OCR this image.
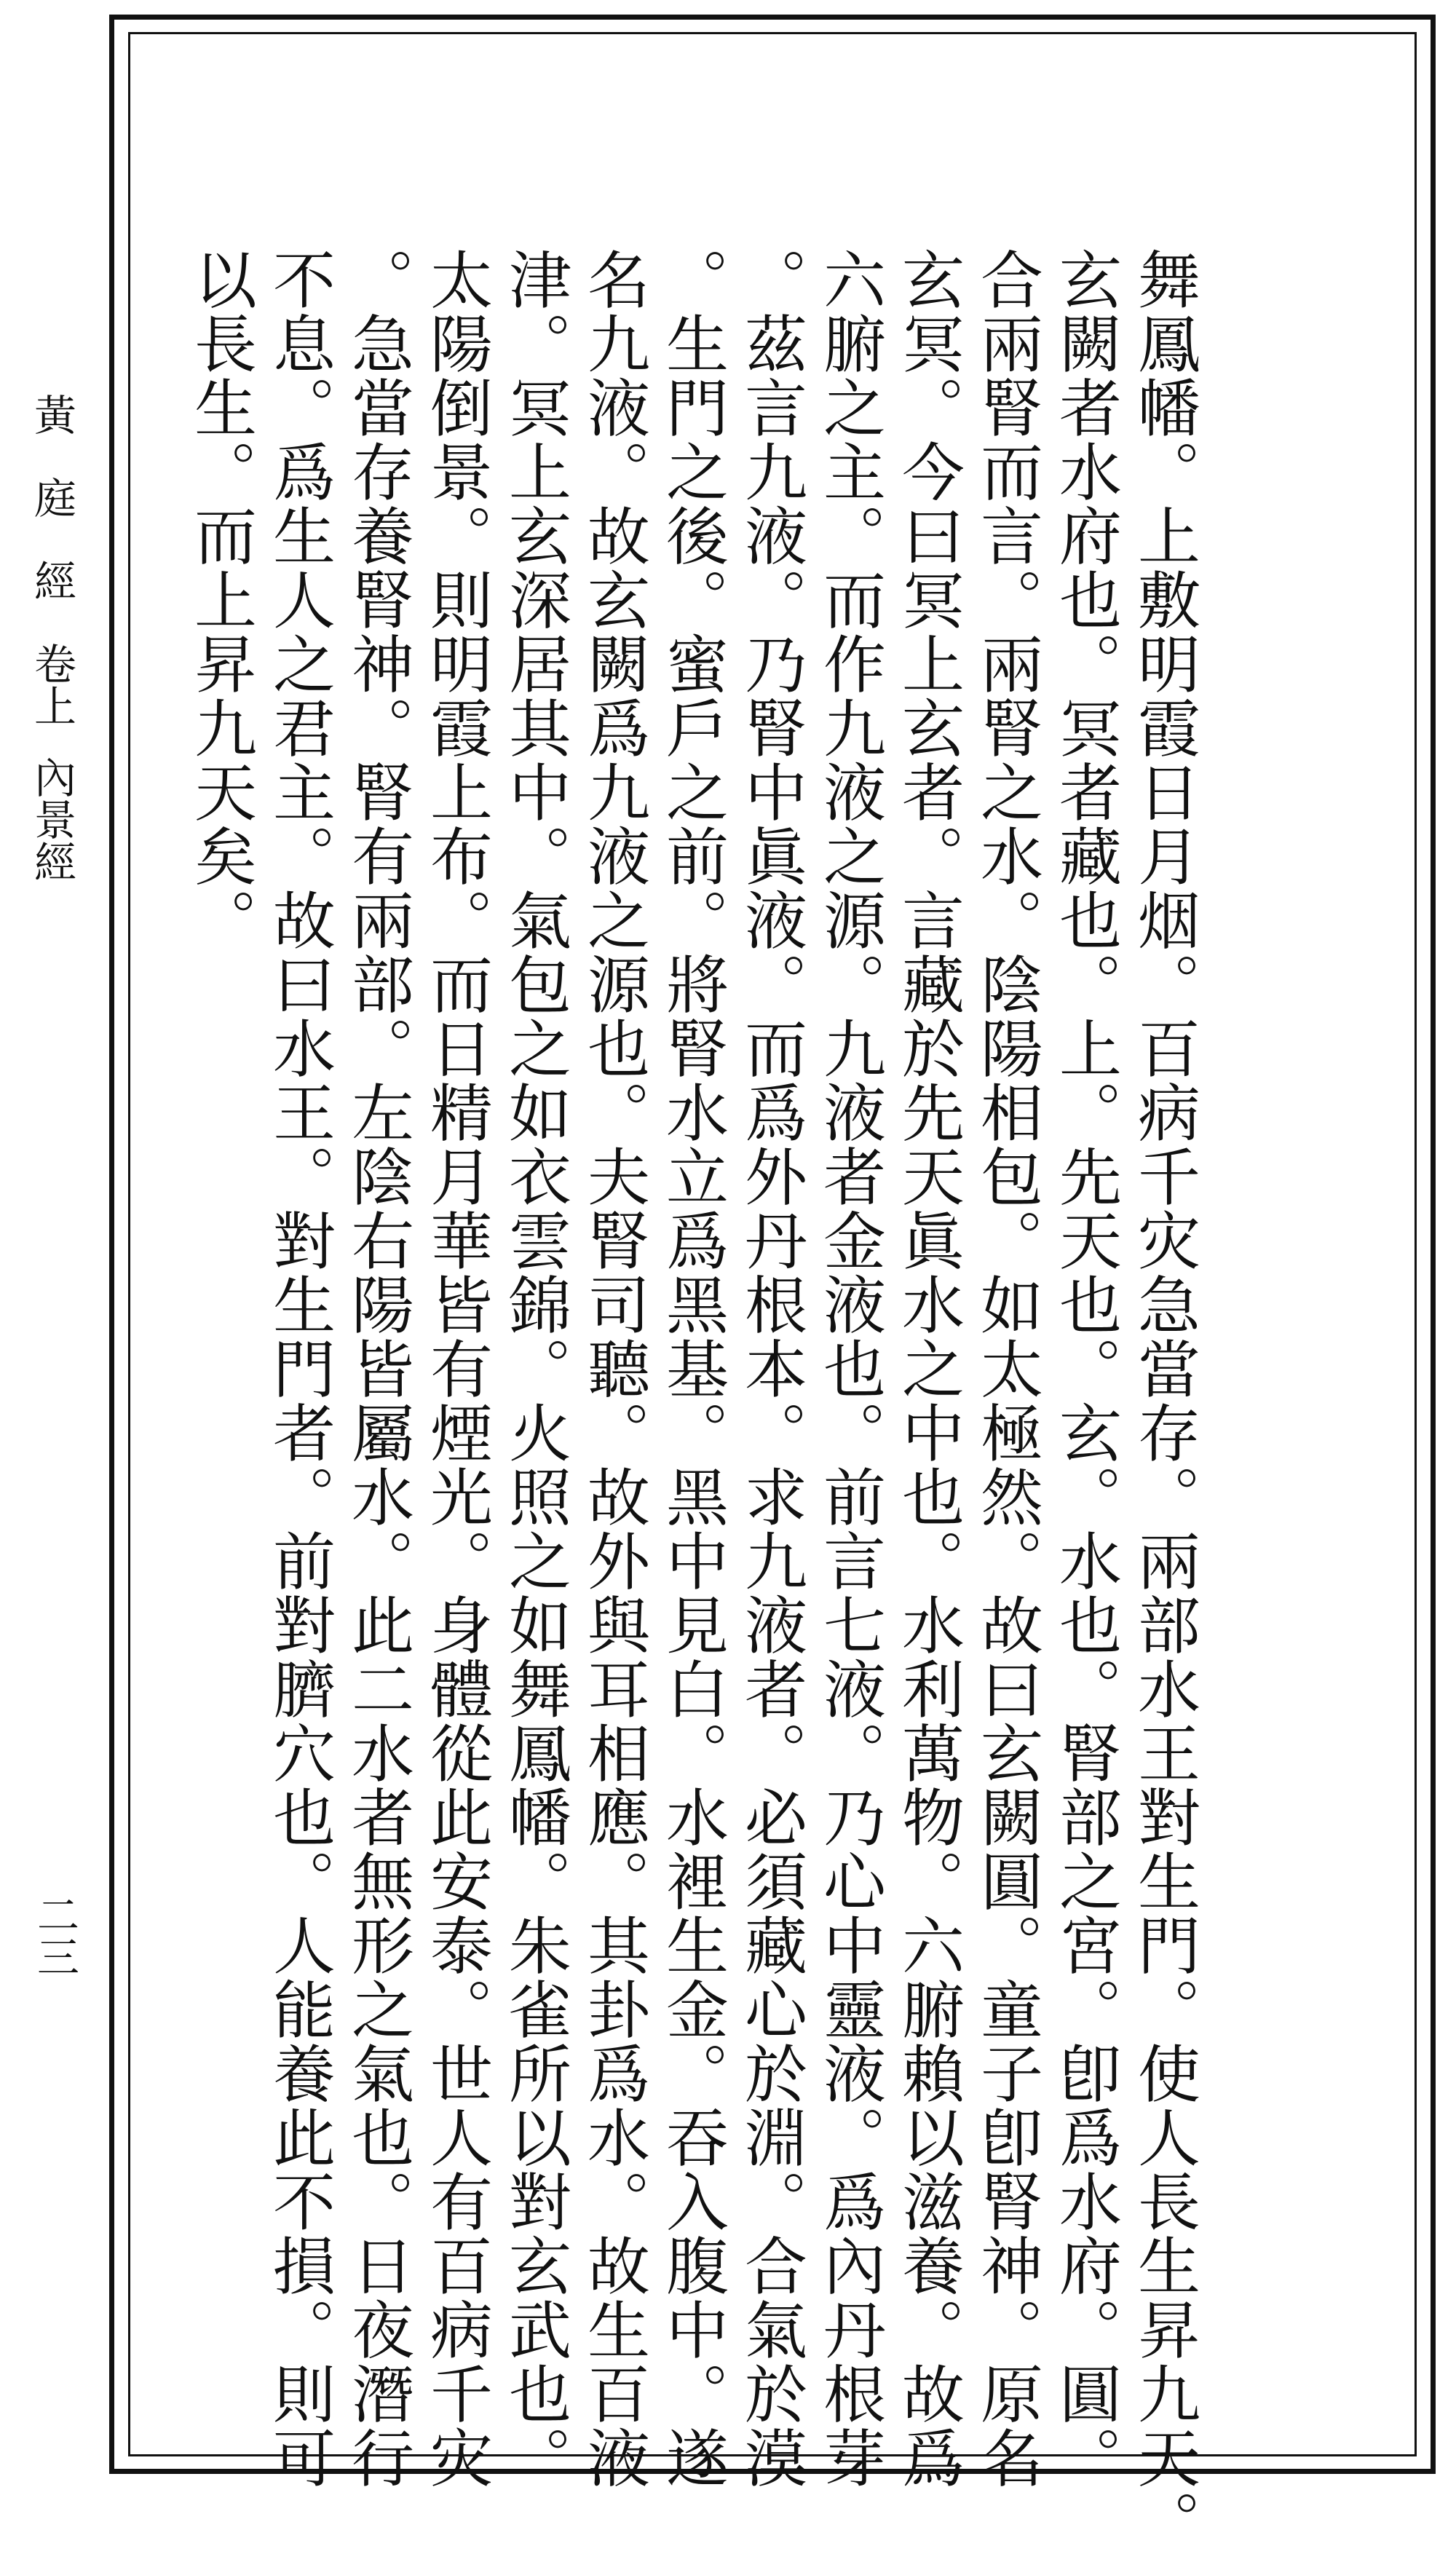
黃庭經卷上內景經
二三	舞鳳幡。上敷明霞日月烟。百病千灾急當存。兩部水王對生門。使人長生昇九天。
玄闕者水府也。冥者藏也。上。先天也。玄。水也。腎部之宮。卽爲水府。圓。
合兩腎而言。兩腎之水。陰陽相包。如太極然。故曰玄闕圓。童子卽腎神。原名
玄冥。今曰冥上玄者。言藏於先天眞水之中也。水利萬物。六腑賴以滋養。故爲
六腑之主。而作九液之源。九液者金液也。前言七液。乃心中靈液。爲內丹根芽
。茲言九液。乃腎中眞液。而爲外丹根本。求九液者。必須藏心於淵。合氣於漠
。生門之後。蜜戶之前。將腎水立爲黑基。黑中見白。水裡生金。吞入腹中。遂
名九液。故玄闕爲九液之源也。夫腎司聽。故外與耳相應。其卦爲水。故生百液
津。冥上玄深居其中。氣包之如衣雲錦。火照之如舞鳳幡。朱雀所以對玄武也。
太陽倒景。則明霞上布。而日精月華皆有煙光。身體從此安泰。世人有百病千灾
。急當存養腎神。腎有兩部。左陰右陽皆屬水。此二水者無形之氣也。日夜潛行
不息。爲生人之君主。故曰水王。對生門者。前對臍穴也。人能養此不損。則可
以長生。而上昇九天矣。
